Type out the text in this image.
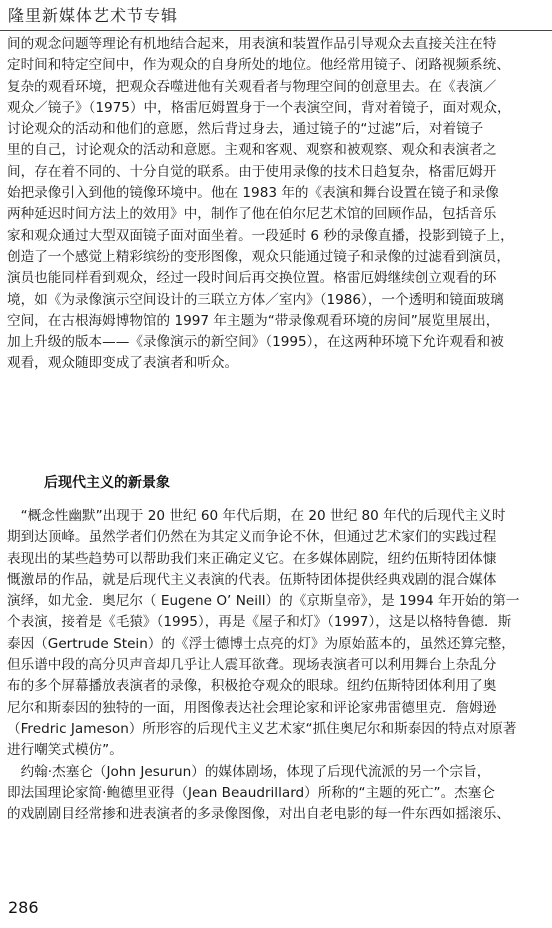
隆里新媒体艺术节专辑
间的观念问题等理论有机地结合起来，用表演和装置作品引导观众去直接关注在特
定时间和特定空间中，作为观众的自身所处的地位。他经常用镜子、闭路视频系统、
复杂的观看环境，把观众吞噬进他有关观看者与物理空间的创意里去。在《表演／
观众／镜子》（1975）中，格雷厄姆置身于一个表演空间，背对着镜子，面对观众，
讨论观众的活动和他们的意愿，然后背过身去，通过镜子的“过滤”后，对着镜子
里的自己，讨论观众的活动和意愿。主观和客观、观察和被观察、观众和表演者之
间，存在着不同的、十分自觉的联系。由于使用录像的技术日趋复杂，格雷厄姆开
始把录像引入到他的镜像环境中。他在 1983 年的《表演和舞台设置在镜子和录像
两种延迟时间方法上的效用》中，制作了他在伯尔尼艺术馆的回顾作品，包括音乐
家和观众通过大型双面镜子面对面坐着。一段延时 6 秒的录像直播，投影到镜子上，
创造了一个感觉上精彩缤纷的变形图像，观众只能通过镜子和录像的过滤看到演员，
演员也能同样看到观众，经过一段时间后再交换位置。格雷厄姆继续创立观看的环
境，如《为录像演示空间设计的三联立方体／室内》（1986），一个透明和镜面玻璃
空间，在古根海姆博物馆的 1997 年主题为“带录像观看环境的房间”展览里展出，
加上升级的版本——《录像演示的新空间》（1995），在这两种环境下允许观看和被
观看，观众随即变成了表演者和听众。
后现代主义的新景象
　“概念性幽默”出现于 20 世纪 60 年代后期，在 20 世纪 80 年代的后现代主义时
期到达顶峰。虽然学者们仍然在为其定义而争论不休，但通过艺术家们的实践过程
表现出的某些趋势可以帮助我们来正确定义它。在多媒体剧院，纽约伍斯特团体慷
慨激昂的作品，就是后现代主义表演的代表。伍斯特团体提供经典戏剧的混合媒体
演绎，如尤金．奥尼尔（ Eugene O’ Neill）的《京斯皇帝》，是 1994 年开始的第一
个表演，接着是《毛猿》（1995），再是《屋子和灯》（1997），这是以格特鲁德．斯
泰因（Gertrude Stein）的《浮士德博士点亮的灯》为原始蓝本的，虽然还算完整，
但乐谱中段的高分贝声音却几乎让人震耳欲聋。现场表演者可以利用舞台上杂乱分
布的多个屏幕播放表演者的录像，积极抢夺观众的眼球。纽约伍斯特团体利用了奥
尼尔和斯泰因的独特的一面，用图像表达社会理论家和评论家弗雷德里克．詹姆逊
（Fredric Jameson）所形容的后现代主义艺术家“抓住奥尼尔和斯泰因的特点对原著
进行嘲笑式模仿”。
　约翰·杰塞仑（John Jesurun）的媒体剧场，体现了后现代流派的另一个宗旨，
即法国理论家简·鲍德里亚得（Jean Beaudrillard）所称的“主题的死亡”。杰塞仑
的戏剧剧目经常掺和进表演者的多录像图像，对出自老电影的每一件东西如摇滚乐、
286
